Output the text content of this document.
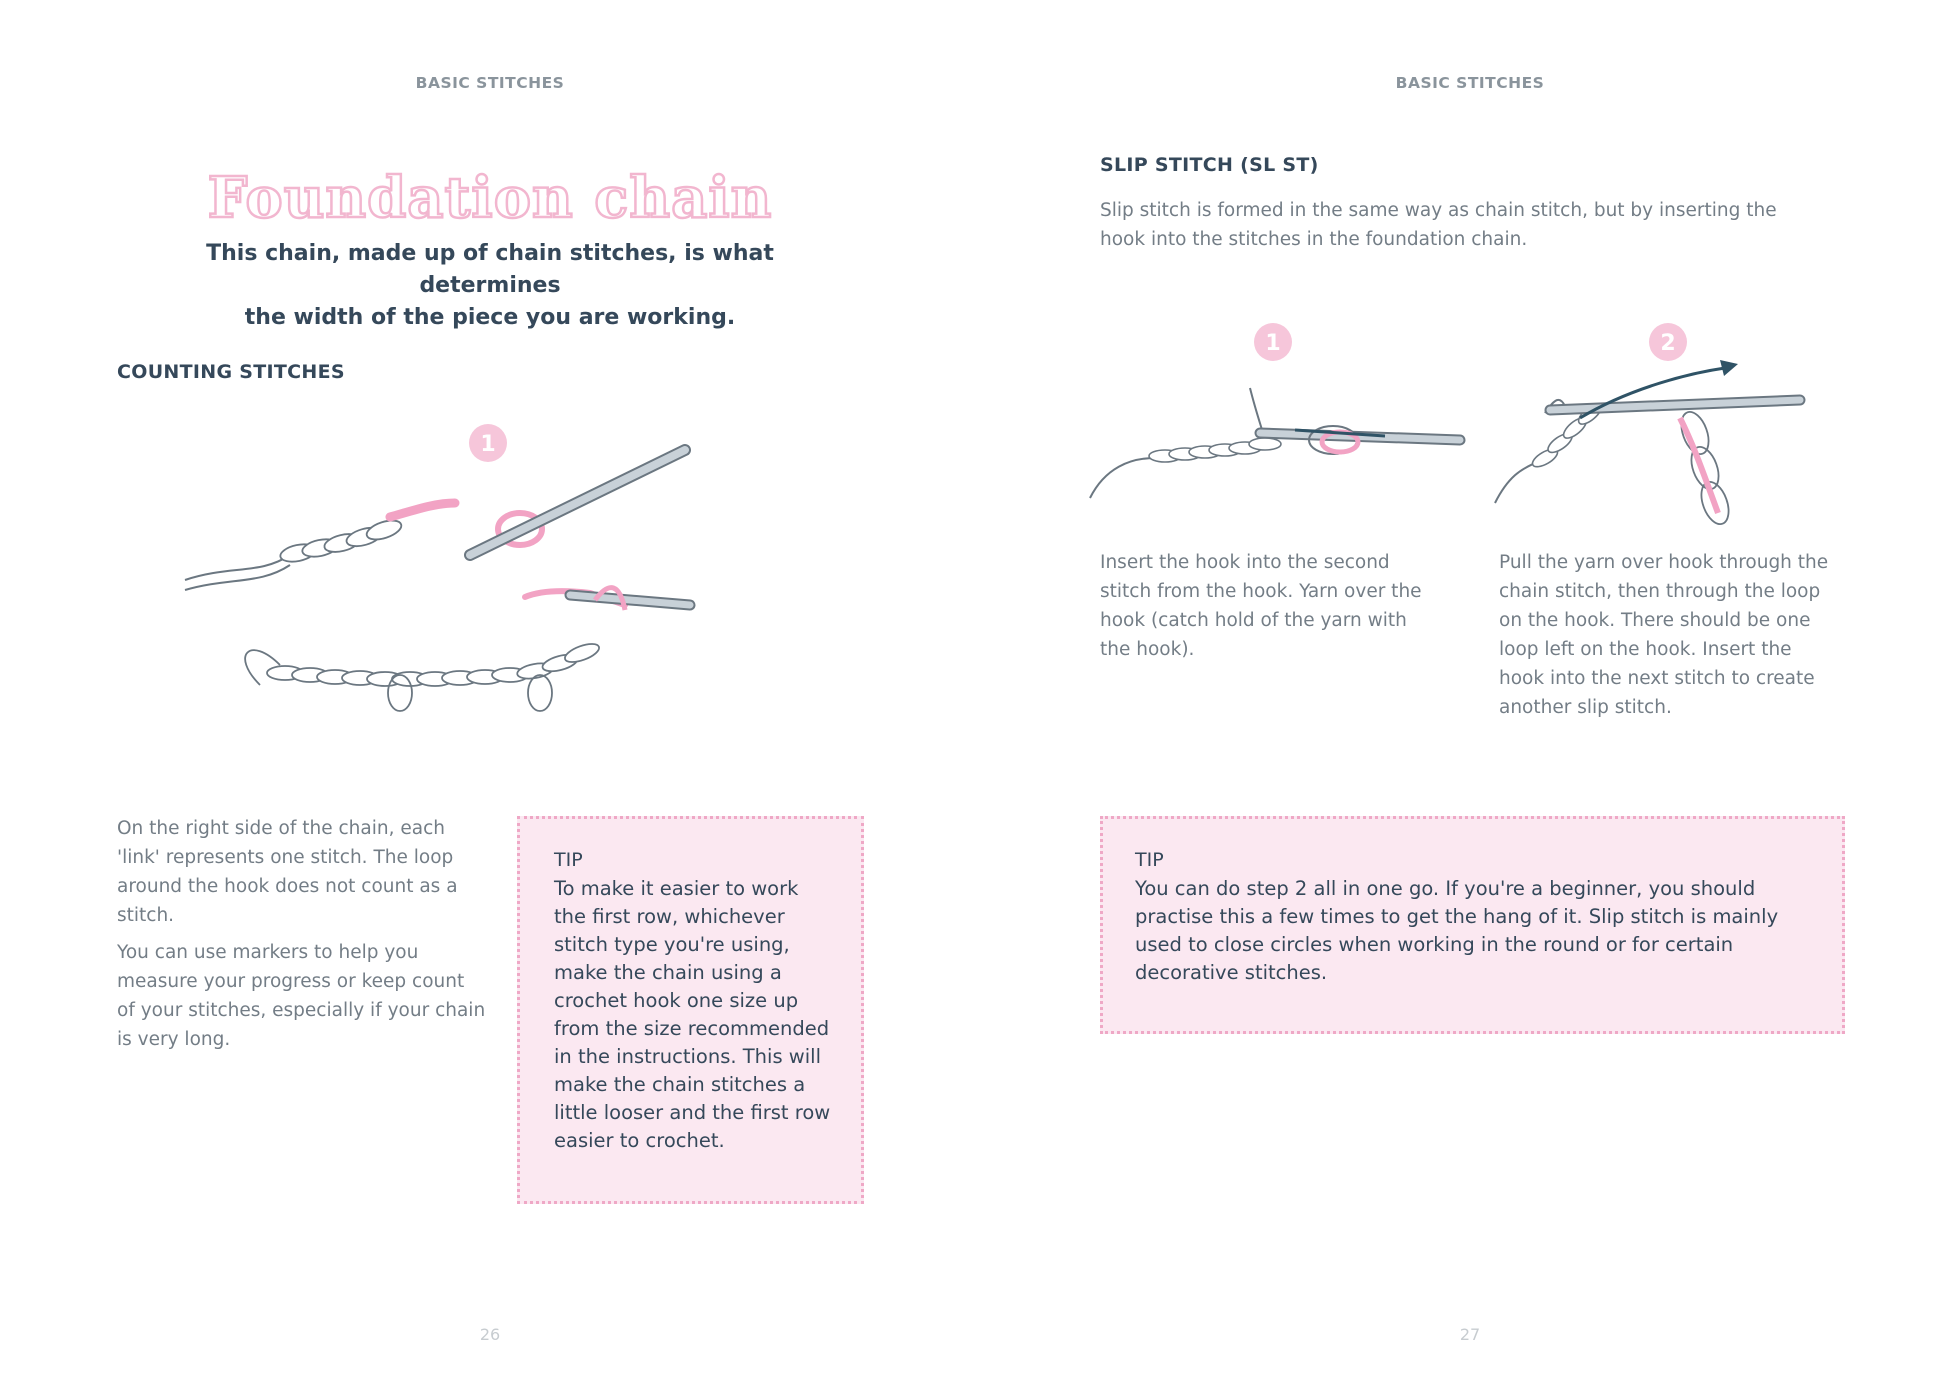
BASIC STITCHES
Foundation chain
This chain, made up of chain stitches, is what determines
the width of the piece you are working.
COUNTING STITCHES
1

On the right side of the chain, each 'link' represents one stitch. The loop around the hook does not count as a stitch.

You can use markers to help you measure your progress or keep count of your stitches, especially if your chain is very long.

TIP

To make it easier to work the first row, whichever stitch type you're using, make the chain using a crochet hook one size up from the size recommended in the instructions. This will make the chain stitches a little looser and the first row easier to crochet.

26
BASIC STITCHES
SLIP STITCH (SL ST)

Slip stitch is formed in the same way as chain stitch, but by inserting the hook into the stitches in the foundation chain.

1	2

Insert the hook into the second stitch from the hook. Yarn over the hook (catch hold of the yarn with the hook).

Pull the yarn over hook through the chain stitch, then through the loop on the hook. There should be one loop left on the hook. Insert the hook into the next stitch to create another slip stitch.

TIP

You can do step 2 all in one go. If you're a beginner, you should practise this a few times to get the hang of it. Slip stitch is mainly used to close circles when working in the round or for certain decorative stitches.

27
